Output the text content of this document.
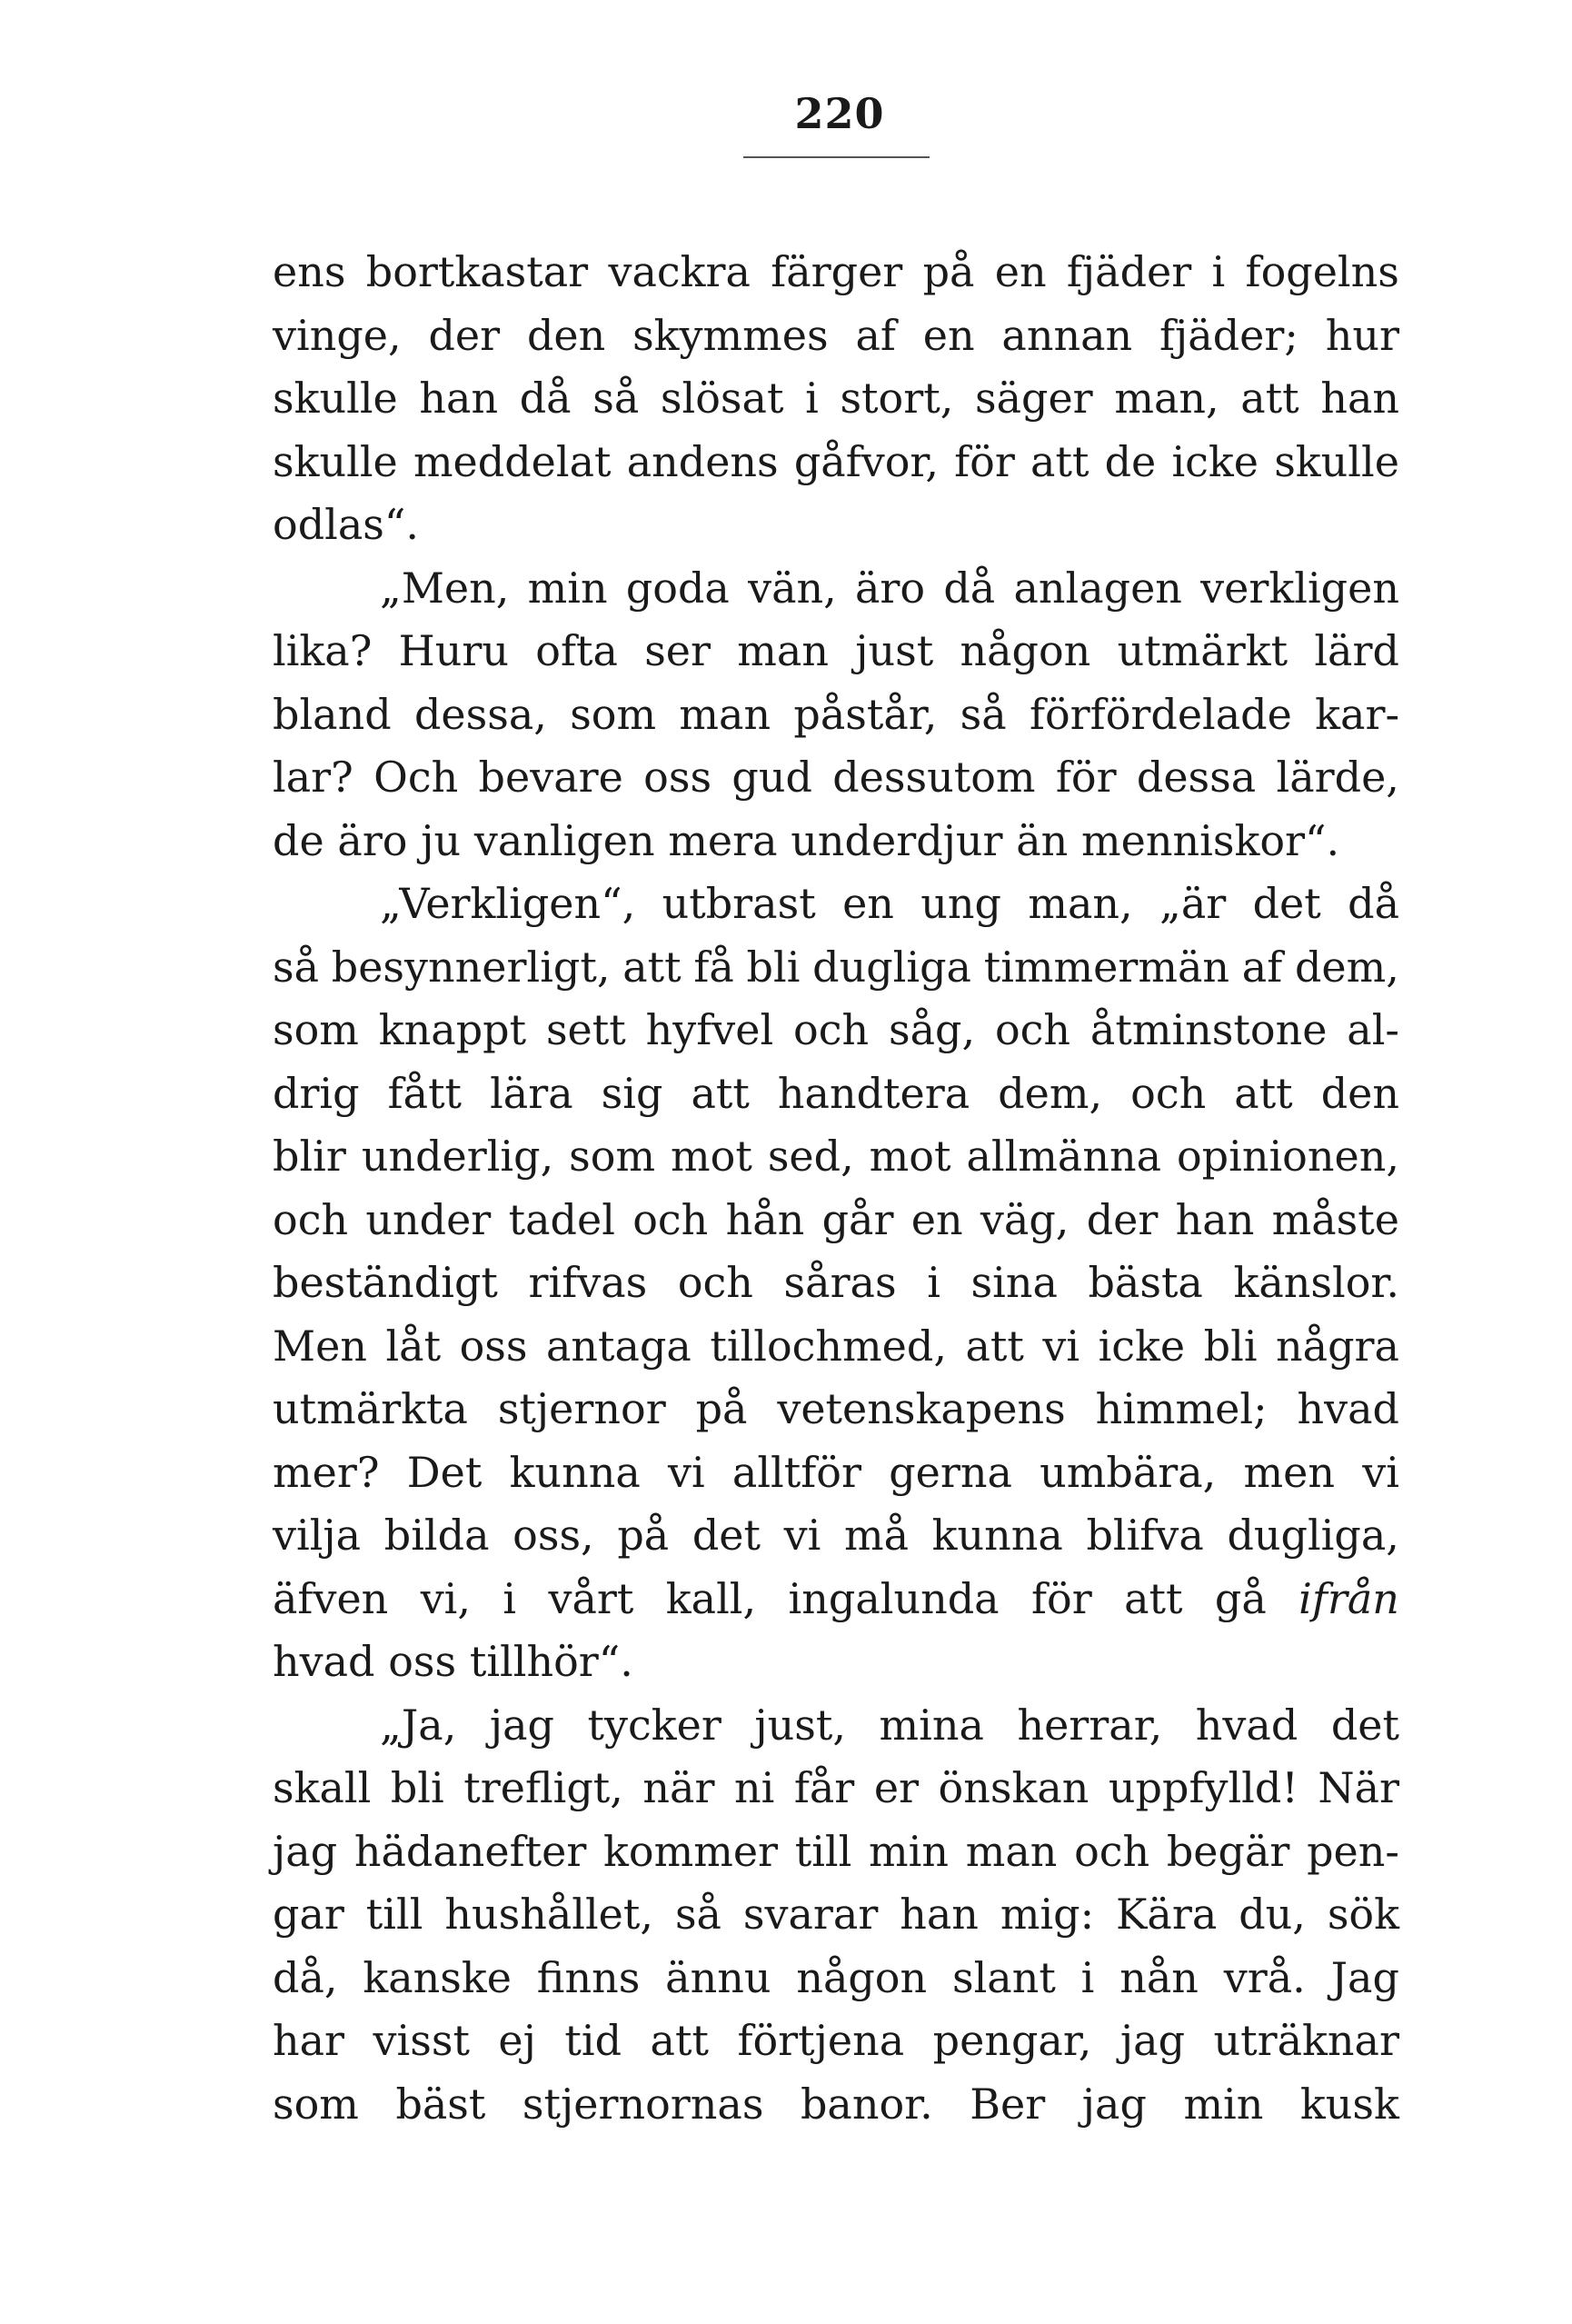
220
ens bortkastar vackra färger på en fjäder i fogelns
vinge, der den skymmes af en annan fjäder; hur
skulle han då så slösat i stort, säger man, att han
skulle meddelat andens gåfvor, för att de icke skulle
odlas“.
„Men, min goda vän, äro då anlagen verkligen
lika? Huru ofta ser man just någon utmärkt lärd
bland dessa, som man påstår, så förfördelade kar-
lar? Och bevare oss gud dessutom för dessa lärde,
de äro ju vanligen mera underdjur än menniskor“.
„Verkligen“, utbrast en ung man, „är det då
så besynnerligt, att få bli dugliga timmermän af dem,
som knappt sett hyfvel och såg, och åtminstone al-
drig fått lära sig att handtera dem, och att den
blir underlig, som mot sed, mot allmänna opinionen,
och under tadel och hån går en väg, der han måste
beständigt rifvas och såras i sina bästa känslor.
Men låt oss antaga tillochmed, att vi icke bli några
utmärkta stjernor på vetenskapens himmel; hvad
mer? Det kunna vi alltför gerna umbära, men vi
vilja bilda oss, på det vi må kunna blifva dugliga,
äfven vi, i vårt kall, ingalunda för att gå ifrån
hvad oss tillhör“.
„Ja, jag tycker just, mina herrar, hvad det
skall bli trefligt, när ni får er önskan uppfylld! När
jag hädanefter kommer till min man och begär pen-
gar till hushållet, så svarar han mig: Kära du, sök
då, kanske finns ännu någon slant i nån vrå. Jag
har visst ej tid att förtjena pengar, jag uträknar
som bäst stjernornas banor. Ber jag min kusk
